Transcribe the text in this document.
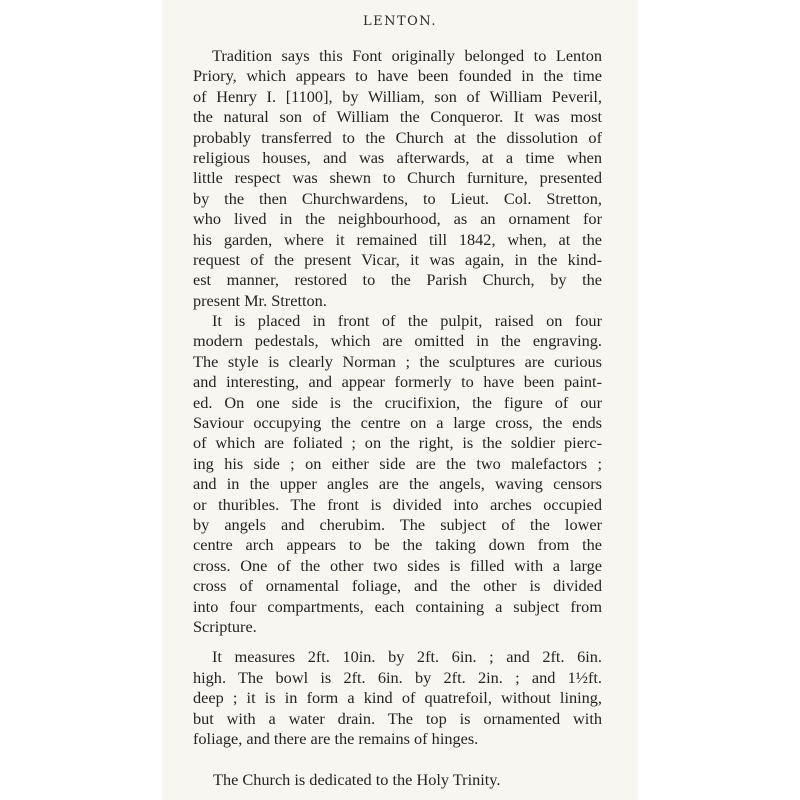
LENTON.
Tradition says this Font originally belonged to Lenton
Priory, which appears to have been founded in the time
of Henry I. [1100], by William, son of William Peveril,
the natural son of William the Conqueror. It was most
probably transferred to the Church at the dissolution of
religious houses, and was afterwards, at a time when
little respect was shewn to Church furniture, presented
by the then Churchwardens, to Lieut. Col. Stretton,
who lived in the neighbourhood, as an ornament for
his garden, where it remained till 1842, when, at the
request of the present Vicar, it was again, in the kind-
est manner, restored to the Parish Church, by the
present Mr. Stretton.
It is placed in front of the pulpit, raised on four
modern pedestals, which are omitted in the engraving.
The style is clearly Norman ; the sculptures are curious
and interesting, and appear formerly to have been paint-
ed. On one side is the crucifixion, the figure of our
Saviour occupying the centre on a large cross, the ends
of which are foliated ; on the right, is the soldier pierc-
ing his side ; on either side are the two malefactors ;
and in the upper angles are the angels, waving censors
or thuribles. The front is divided into arches occupied
by angels and cherubim. The subject of the lower
centre arch appears to be the taking down from the
cross. One of the other two sides is filled with a large
cross of ornamental foliage, and the other is divided
into four compartments, each containing a subject from
Scripture.
It measures 2ft. 10in. by 2ft. 6in. ; and 2ft. 6in.
high. The bowl is 2ft. 6in. by 2ft. 2in. ; and 1½ft.
deep ; it is in form a kind of quatrefoil, without lining,
but with a water drain. The top is ornamented with
foliage, and there are the remains of hinges.
The Church is dedicated to the Holy Trinity.
